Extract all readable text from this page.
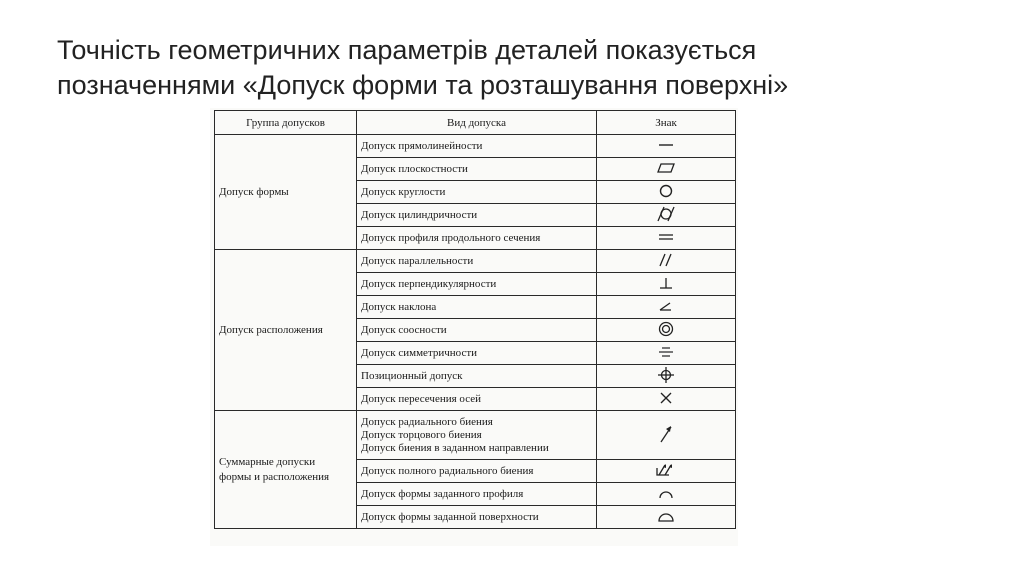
Точність геометричних параметрів деталей показується
позначеннями «Допуск форми та розташування поверхні»
Группа допусков	Вид допуска	Знак

Допуск формы	Допуск прямолинейности

	Допуск плоскостности

	Допуск круглости

	Допуск цилиндричности

	Допуск профиля продольного сечения

Допуск расположения	Допуск параллельности

	Допуск перпендикулярности

	Допуск наклона

	Допуск соосности

	Допуск симметричности

	Позиционный допуск

	Допуск пересечения осей

Суммарные допуски
формы и расположения	Допуск радиального биения
Допуск торцового биения
Допуск биения в заданном направлении

	Допуск полного радиального биения

	Допуск формы заданного профиля

	Допуск формы заданной поверхности
